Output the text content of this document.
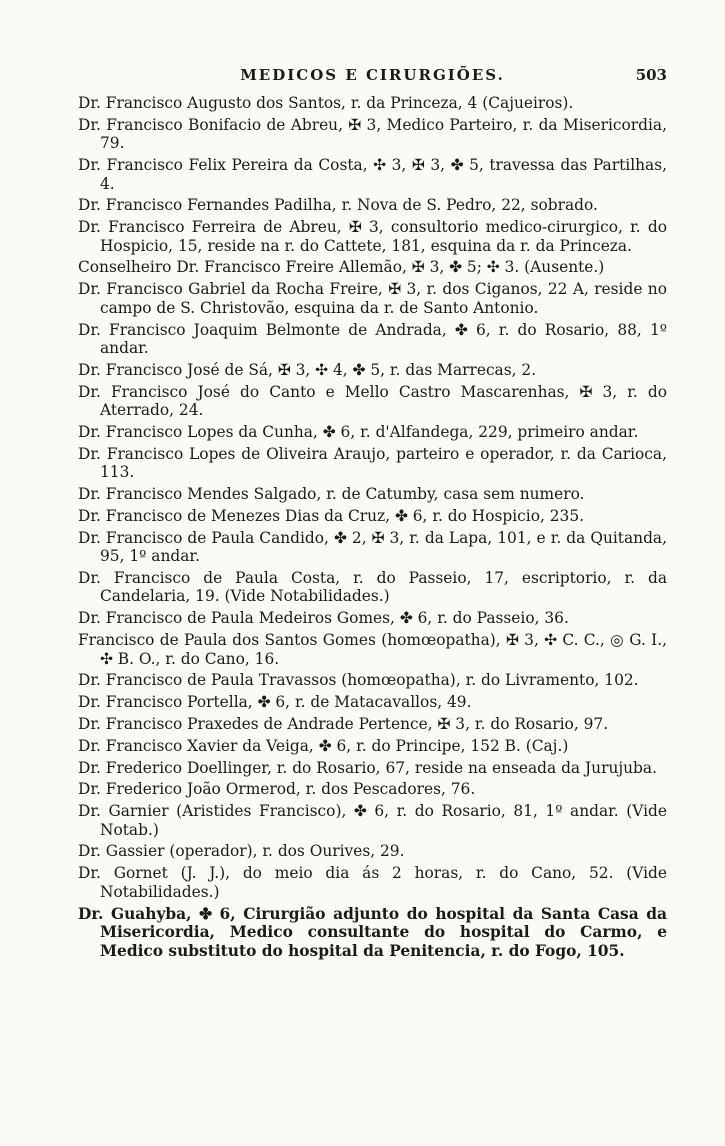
MEDICOS E CIRURGIÕES.	503

Dr. Francisco Augusto dos Santos, r. da Princeza, 4 (Cajueiros).

Dr. Francisco Bonifacio de Abreu, ✠ 3, Medico Parteiro, r. da Misericordia, 79.

Dr. Francisco Felix Pereira da Costa, ✣ 3, ✠ 3, ✤ 5, travessa das Partilhas, 4.

Dr. Francisco Fernandes Padilha, r. Nova de S. Pedro, 22, sobrado.

Dr. Francisco Ferreira de Abreu, ✠ 3, consultorio medico-cirurgico, r. do Hospicio, 15, reside na r. do Cattete, 181, esquina da r. da Princeza.

Conselheiro Dr. Francisco Freire Allemão, ✠ 3, ✤ 5; ✣ 3. (Ausente.)

Dr. Francisco Gabriel da Rocha Freire, ✠ 3, r. dos Ciganos, 22 A, reside no campo de S. Christovão, esquina da r. de Santo Antonio.

Dr. Francisco Joaquim Belmonte de Andrada, ✤ 6, r. do Rosario, 88, 1º andar.

Dr. Francisco José de Sá, ✠ 3, ✣ 4, ✤ 5, r. das Marrecas, 2.

Dr. Francisco José do Canto e Mello Castro Mascarenhas, ✠ 3, r. do Aterrado, 24.

Dr. Francisco Lopes da Cunha, ✤ 6, r. d'Alfandega, 229, primeiro andar.

Dr. Francisco Lopes de Oliveira Araujo, parteiro e operador, r. da Carioca, 113.

Dr. Francisco Mendes Salgado, r. de Catumby, casa sem numero.

Dr. Francisco de Menezes Dias da Cruz, ✤ 6, r. do Hospicio, 235.

Dr. Francisco de Paula Candido, ✤ 2, ✠ 3, r. da Lapa, 101, e r. da Quitanda, 95, 1º andar.

Dr. Francisco de Paula Costa, r. do Passeio, 17, escriptorio, r. da Candelaria, 19. (Vide Notabilidades.)

Dr. Francisco de Paula Medeiros Gomes, ✤ 6, r. do Passeio, 36.

Francisco de Paula dos Santos Gomes (homœopatha), ✠ 3, ✣ C. C., ◎ G. I., ✣ B. O., r. do Cano, 16.

Dr. Francisco de Paula Travassos (homœopatha), r. do Livramento, 102.

Dr. Francisco Portella, ✤ 6, r. de Matacavallos, 49.

Dr. Francisco Praxedes de Andrade Pertence, ✠ 3, r. do Rosario, 97.

Dr. Francisco Xavier da Veiga, ✤ 6, r. do Principe, 152 B. (Caj.)

Dr. Frederico Doellinger, r. do Rosario, 67, reside na enseada da Jurujuba.

Dr. Frederico João Ormerod, r. dos Pescadores, 76.

Dr. Garnier (Aristides Francisco), ✤ 6, r. do Rosario, 81, 1º andar. (Vide Notab.)

Dr. Gassier (operador), r. dos Ourives, 29.

Dr. Gornet (J. J.), do meio dia ás 2 horas, r. do Cano, 52. (Vide Notabilidades.)

Dr. Guahyba, ✤ 6, Cirurgião adjunto do hospital da Santa Casa da Misericordia, Medico consultante do hospital do Carmo, e Medico substituto do hospital da Penitencia, r. do Fogo, 105.
